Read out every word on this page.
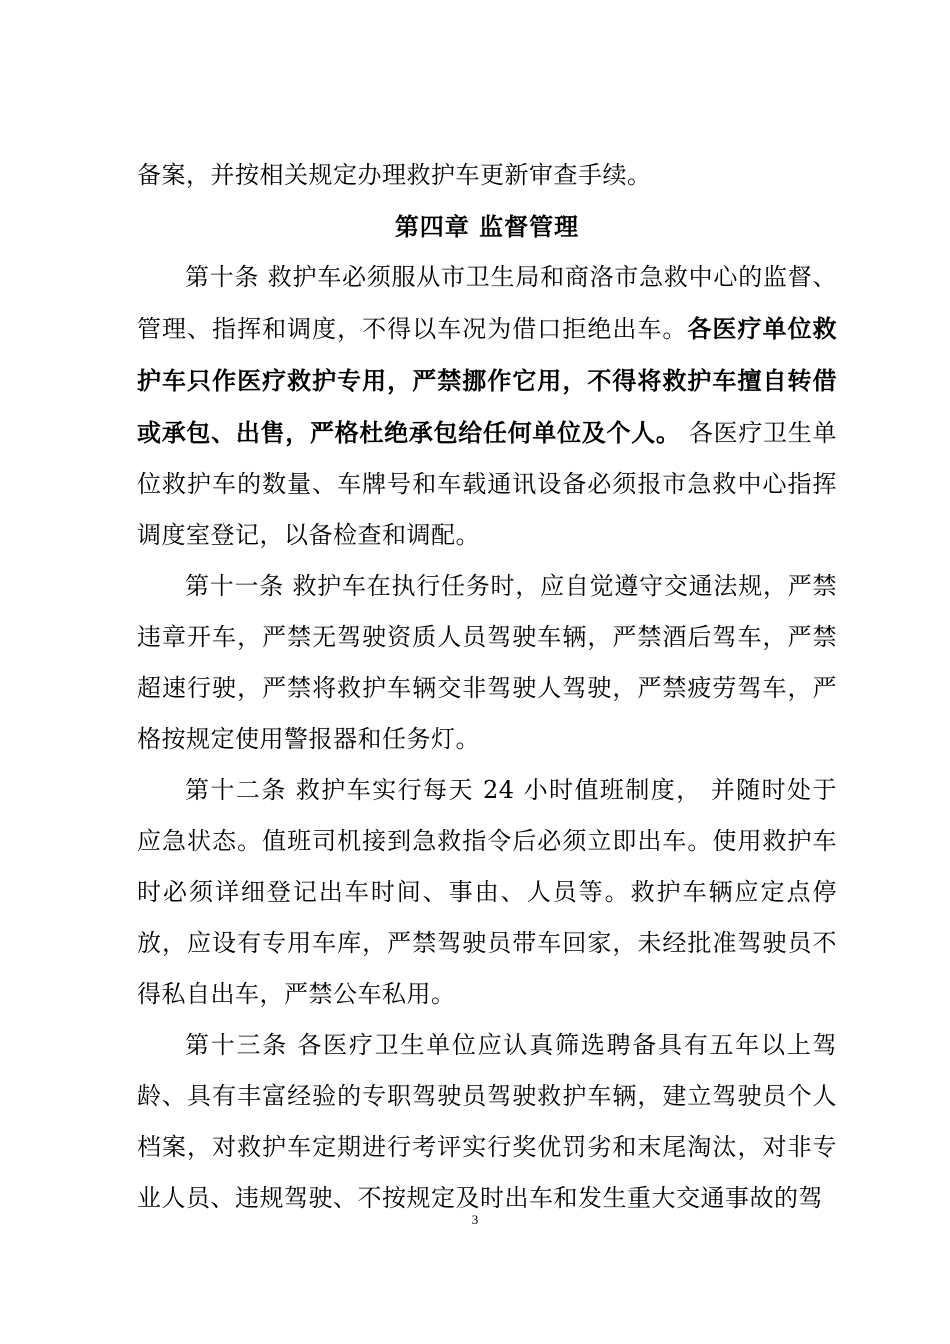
备案，并按相关规定办理救护车更新审查手续。

第四章 监督管理

第十条 救护车必须服从市卫生局和商洛市急救中心的监督、管理、指挥和调度，不得以车况为借口拒绝出车。各医疗单位救护车只作医疗救护专用，严禁挪作它用，不得将救护车擅自转借或承包、出售，严格杜绝承包给任何单位及个人。 各医疗卫生单位救护车的数量、车牌号和车载通讯设备必须报市急救中心指挥调度室登记，以备检查和调配。

第十一条 救护车在执行任务时，应自觉遵守交通法规，严禁违章开车，严禁无驾驶资质人员驾驶车辆，严禁酒后驾车，严禁超速行驶，严禁将救护车辆交非驾驶人驾驶，严禁疲劳驾车，严格按规定使用警报器和任务灯。

第十二条 救护车实行每天 24 小时值班制度， 并随时处于应急状态。值班司机接到急救指令后必须立即出车。使用救护车时必须详细登记出车时间、事由、人员等。救护车辆应定点停放，应设有专用车库，严禁驾驶员带车回家，未经批准驾驶员不得私自出车，严禁公车私用。

第十三条 各医疗卫生单位应认真筛选聘备具有五年以上驾龄、具有丰富经验的专职驾驶员驾驶救护车辆，建立驾驶员个人档案，对救护车定期进行考评实行奖优罚劣和末尾淘汰，对非专业人员、违规驾驶、不按规定及时出车和发生重大交通事故的驾

3
